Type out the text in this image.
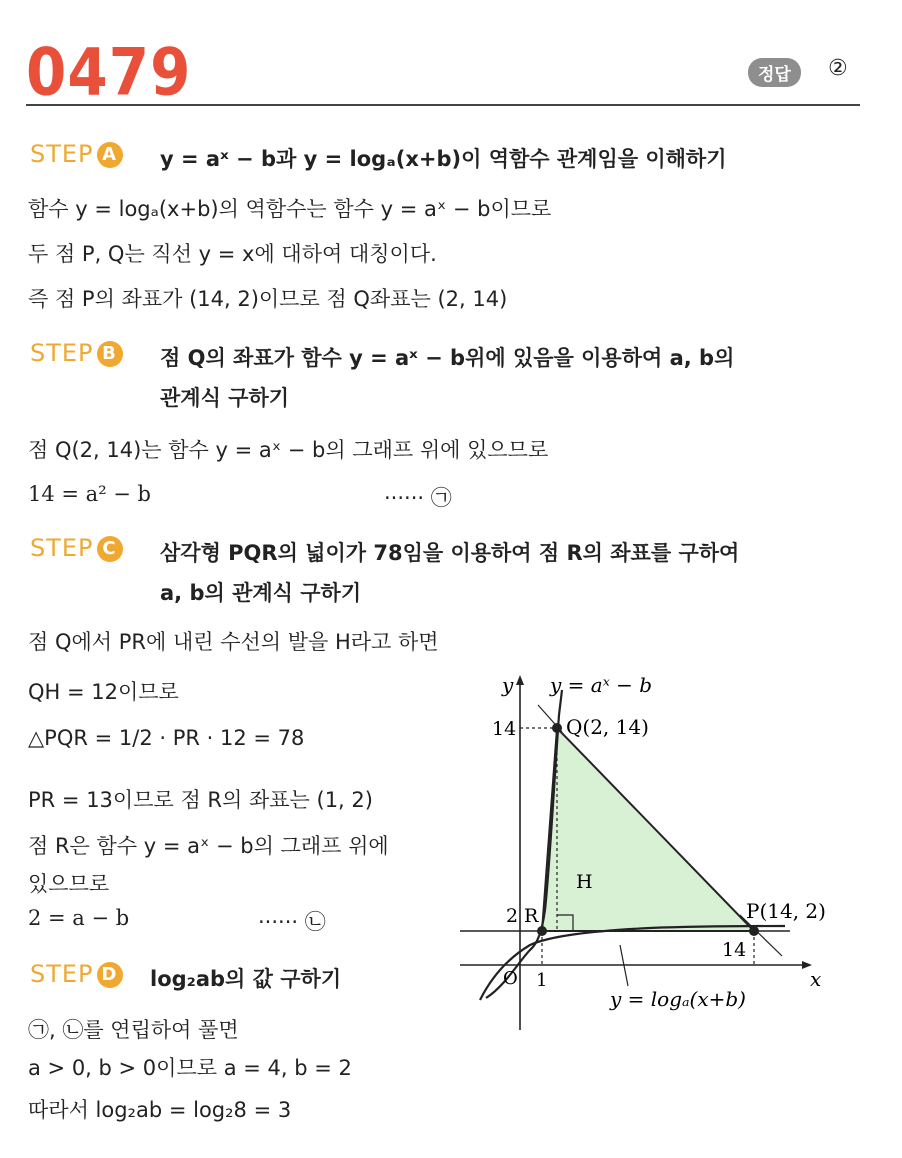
0479	정답	②
STEP A y = aˣ − b과 y = logₐ(x+b)이 역함수 관계임을 이해하기
함수 y = logₐ(x+b)의 역함수는 함수 y = aˣ − b이므로
두 점 P, Q는 직선 y = x에 대하여 대칭이다.
즉 점 P의 좌표가 (14, 2)이므로 점 Q좌표는 (2, 14)
STEP B 점 Q의 좌표가 함수 y = aˣ − b위에 있음을 이용하여 a, b의
관계식 구하기
점 Q(2, 14)는 함수 y = aˣ − b의 그래프 위에 있으므로
14 = a² − b	······ ㉠
STEP C 삼각형 PQR의 넓이가 78임을 이용하여 점 R의 좌표를 구하여
a, b의 관계식 구하기
점 Q에서 PR에 내린 수선의 발을 H라고 하면
QH = 12이므로
△PQR = 1/2 · PR · 12 = 78
PR = 13이므로 점 R의 좌표는 (1, 2)
점 R은 함수 y = aˣ − b의 그래프 위에
있으므로
2 = a − b	······ ㉡
STEP D log₂ab의 값 구하기
㉠, ㉡를 연립하여 풀면
a > 0, b > 0이므로 a = 4, b = 2
따라서 log₂ab = log₂8 = 3
y
x
O
y = aˣ − b
y = logₐ(x+b)
Q(2, 14)
P(14, 2)
R
H
14
2
1
14
